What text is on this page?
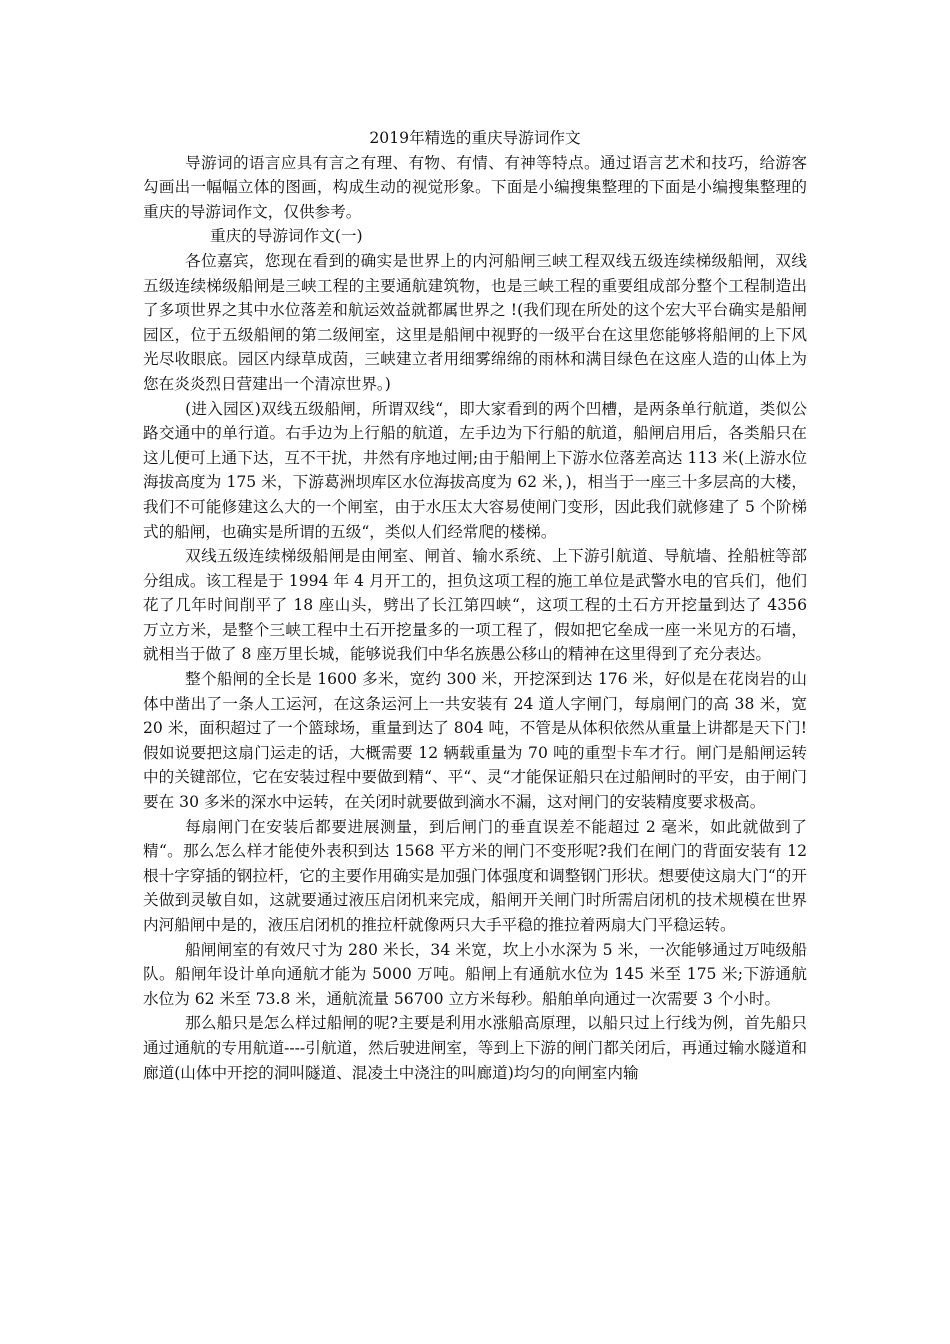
2019年精选的重庆导游词作文

导游词的语言应具有言之有理、有物、有情、有神等特点。通过语言艺术和技巧，给游客勾画出一幅幅立体的图画，构成生动的视觉形象。下面是小编搜集整理的下面是小编搜集整理的重庆的导游词作文，仅供参考。

重庆的导游词作文(一)

各位嘉宾，您现在看到的确实是世界上的内河船闸三峡工程双线五级连续梯级船闸，双线五级连续梯级船闸是三峡工程的主要通航建筑物，也是三峡工程的重要组成部分整个工程制造出了多项世界之其中水位落差和航运效益就都属世界之 !(我们现在所处的这个宏大平台确实是船闸园区，位于五级船闸的第二级闸室，这里是船闸中视野的一级平台在这里您能够将船闸的上下风光尽收眼底。园区内绿草成茵，三峡建立者用细雾绵绵的雨林和满目绿色在这座人造的山体上为您在炎炎烈日营建出一个清凉世界。)

(进入园区)双线五级船闸，所谓双线“，即大家看到的两个凹槽，是两条单行航道，类似公路交通中的单行道。右手边为上行船的航道，左手边为下行船的航道，船闸启用后，各类船只在这儿便可上通下达，互不干扰，井然有序地过闸;由于船闸上下游水位落差高达 113 米(上游水位海拔高度为 175 米，下游葛洲坝库区水位海拔高度为 62 米，)，相当于一座三十多层高的大楼，我们不可能修建这么大的一个闸室，由于水压太大容易使闸门变形，因此我们就修建了 5 个阶梯式的船闸，也确实是所谓的五级“，类似人们经常爬的楼梯。

双线五级连续梯级船闸是由闸室、闸首、输水系统、上下游引航道、导航墙、拴船桩等部分组成。该工程是于 1994 年 4 月开工的，担负这项工程的施工单位是武警水电的官兵们，他们花了几年时间削平了 18 座山头，劈出了长江第四峡“，这项工程的土石方开挖量到达了 4356 万立方米，是整个三峡工程中土石开挖量多的一项工程了，假如把它垒成一座一米见方的石墙，就相当于做了 8 座万里长城，能够说我们中华名族愚公移山的精神在这里得到了充分表达。

整个船闸的全长是 1600 多米，宽约 300 米，开挖深到达 176 米，好似是在花岗岩的山体中凿出了一条人工运河，在这条运河上一共安装有 24 道人字闸门，每扇闸门的高 38 米，宽 20 米，面积超过了一个篮球场，重量到达了 804 吨，不管是从体积依然从重量上讲都是天下门!假如说要把这扇门运走的话，大概需要 12 辆载重量为 70 吨的重型卡车才行。闸门是船闸运转中的关键部位，它在安装过程中要做到精“、平“、灵“才能保证船只在过船闸时的平安，由于闸门要在 30 多米的深水中运转，在关闭时就要做到滴水不漏，这对闸门的安装精度要求极高。

每扇闸门在安装后都要进展测量，到后闸门的垂直误差不能超过 2 毫米，如此就做到了精“。那么怎么样才能使外表积到达 1568 平方米的闸门不变形呢?我们在闸门的背面安装有 12 根十字穿插的钢拉杆，它的主要作用确实是加强门体强度和调整钢门形状。想要使这扇大门“的开关做到灵敏自如，这就要通过液压启闭机来完成，船闸开关闸门时所需启闭机的技术规模在世界内河船闸中是的，液压启闭机的推拉杆就像两只大手平稳的推拉着两扇大门平稳运转。

船闸闸室的有效尺寸为 280 米长，34 米宽，坎上小水深为 5 米，一次能够通过万吨级船队。船闸年设计单向通航才能为 5000 万吨。船闸上有通航水位为 145 米至 175 米;下游通航水位为 62 米至 73.8 米，通航流量 56700 立方米每秒。船舶单向通过一次需要 3 个小时。

那么船只是怎么样过船闸的呢?主要是利用水涨船高原理，以船只过上行线为例，首先船只通过通航的专用航道----引航道，然后驶进闸室，等到上下游的闸门都关闭后，再通过输水隧道和廊道(山体中开挖的洞叫隧道、混凌土中浇注的叫廊道)均匀的向闸室内输
